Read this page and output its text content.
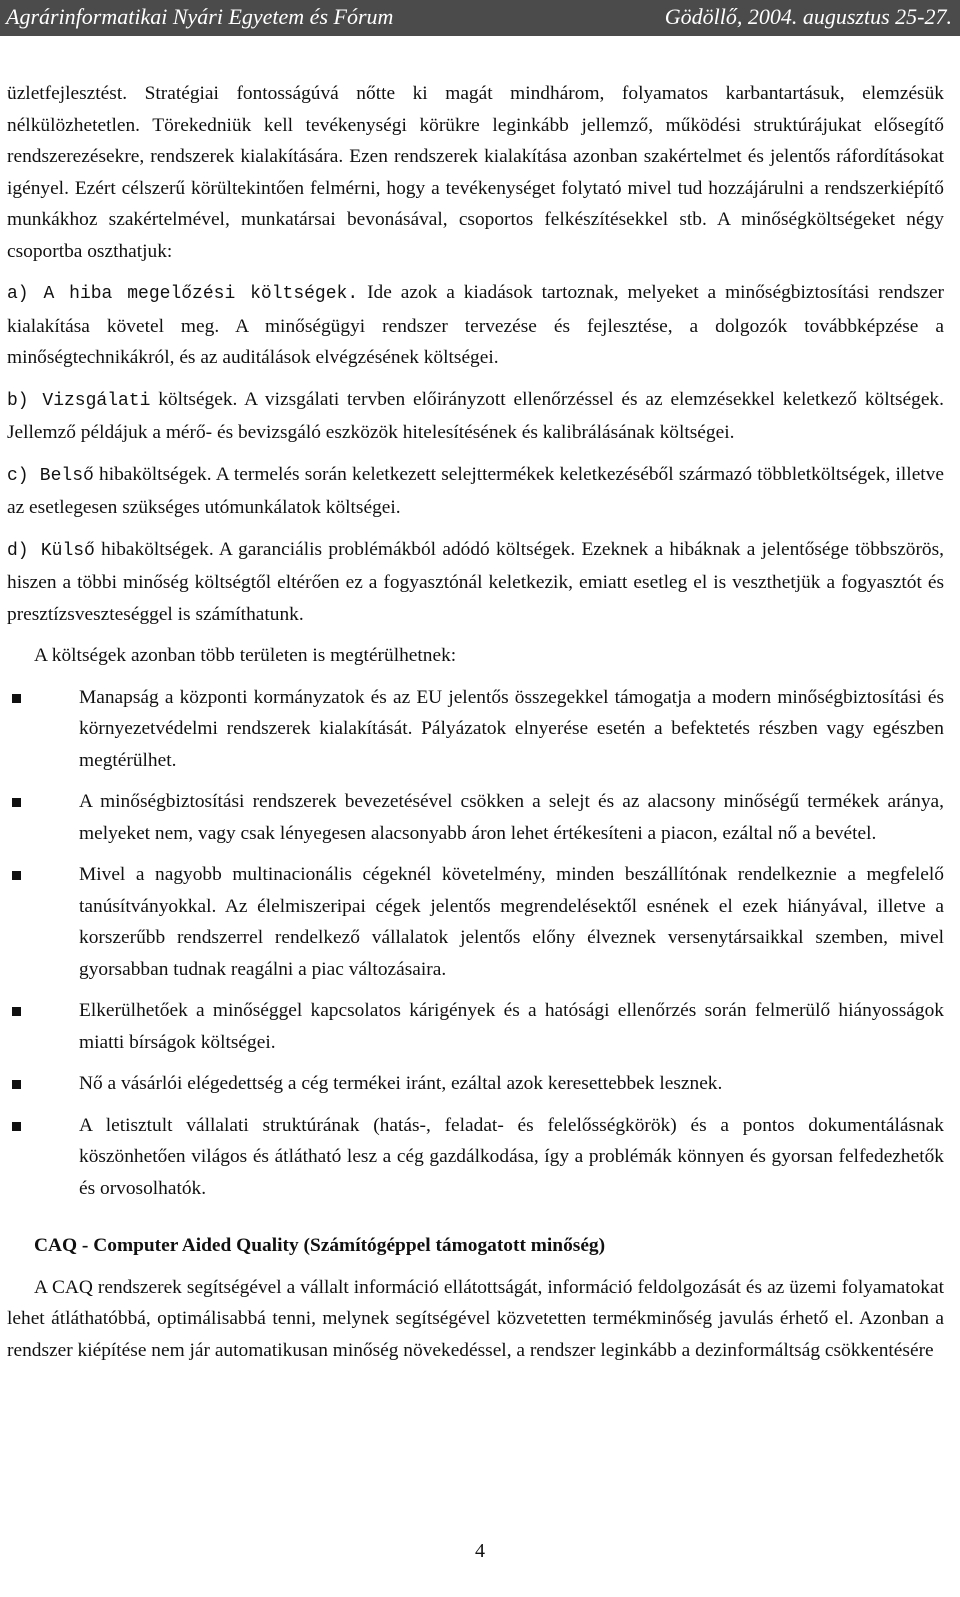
Agrárinformatikai Nyári Egyetem és Fórum	Gödöllő, 2004. augusztus 25-27.

üzletfejlesztést. Stratégiai fontosságúvá nőtte ki magát mindhárom, folyamatos karbantartásuk, elemzésük nélkülözhetetlen. Törekedniük kell tevékenységi körükre leginkább jellemző, működési struktúrájukat elősegítő rendszerezésekre, rendszerek kialakítására. Ezen rendszerek kialakítása azonban szakértelmet és jelentős ráfordításokat igényel. Ezért célszerű körültekintően felmérni, hogy a tevékenységet folytató mivel tud hozzájárulni a rendszerkiépítő munkákhoz szakértelmével, munkatársai bevonásával, csoportos felkészítésekkel stb. A minőségköltségeket négy csoportba oszthatjuk:

a) A hiba megelőzési költségek. Ide azok a kiadások tartoznak, melyeket a minőségbiztosítási rendszer kialakítása követel meg. A minőségügyi rendszer tervezése és fejlesztése, a dolgozók továbbképzése a minőségtechnikákról, és az auditálások elvégzésének költségei.

b) Vizsgálati költségek. A vizsgálati tervben előirányzott ellenőrzéssel és az elemzésekkel keletkező költségek. Jellemző példájuk a mérő- és bevizsgáló eszközök hitelesítésének és kalibrálásának költségei.

c) Belső hibaköltségek. A termelés során keletkezett selejttermékek keletkezéséből származó többletköltségek, illetve az esetlegesen szükséges utómunkálatok költségei.

d) Külső hibaköltségek. A garanciális problémákból adódó költségek. Ezeknek a hibáknak a jelentősége többszörös, hiszen a többi minőség költségtől eltérően ez a fogyasztónál keletkezik, emiatt esetleg el is veszthetjük a fogyasztót és presztízsveszteséggel is számíthatunk.

A költségek azonban több területen is megtérülhetnek:

Manapság a központi kormányzatok és az EU jelentős összegekkel támogatja a modern minőségbiztosítási és környezetvédelmi rendszerek kialakítását. Pályázatok elnyerése esetén a befektetés részben vagy egészben megtérülhet.
A minőségbiztosítási rendszerek bevezetésével csökken a selejt és az alacsony minőségű termékek aránya, melyeket nem, vagy csak lényegesen alacsonyabb áron lehet értékesíteni a piacon, ezáltal nő a bevétel.
Mivel a nagyobb multinacionális cégeknél követelmény, minden beszállítónak rendelkeznie a megfelelő tanúsítványokkal. Az élelmiszeripai cégek jelentős megrendelésektől esnének el ezek hiányával, illetve a korszerűbb rendszerrel rendelkező vállalatok jelentős előny élveznek versenytársaikkal szemben, mivel gyorsabban tudnak reagálni a piac változásaira.
Elkerülhetőek a minőséggel kapcsolatos kárigények és a hatósági ellenőrzés során felmerülő hiányosságok miatti bírságok költségei.
Nő a vásárlói elégedettség a cég termékei iránt, ezáltal azok keresettebbek lesznek.
A letisztult vállalati struktúrának (hatás-, feladat- és felelősségkörök) és a pontos dokumentálásnak köszönhetően világos és átlátható lesz a cég gazdálkodása, így a problémák könnyen és gyorsan felfedezhetők és orvosolhatók.

CAQ - Computer Aided Quality (Számítógéppel támogatott minőség)

A CAQ rendszerek segítségével a vállalt információ ellátottságát, információ feldolgozását és az üzemi folyamatokat lehet átláthatóbbá, optimálisabbá tenni, melynek segítségével közvetetten termékminőség javulás érhető el. Azonban a rendszer kiépítése nem jár automatikusan minőség növekedéssel, a rendszer leginkább a dezinformáltság csökkentésére

4
